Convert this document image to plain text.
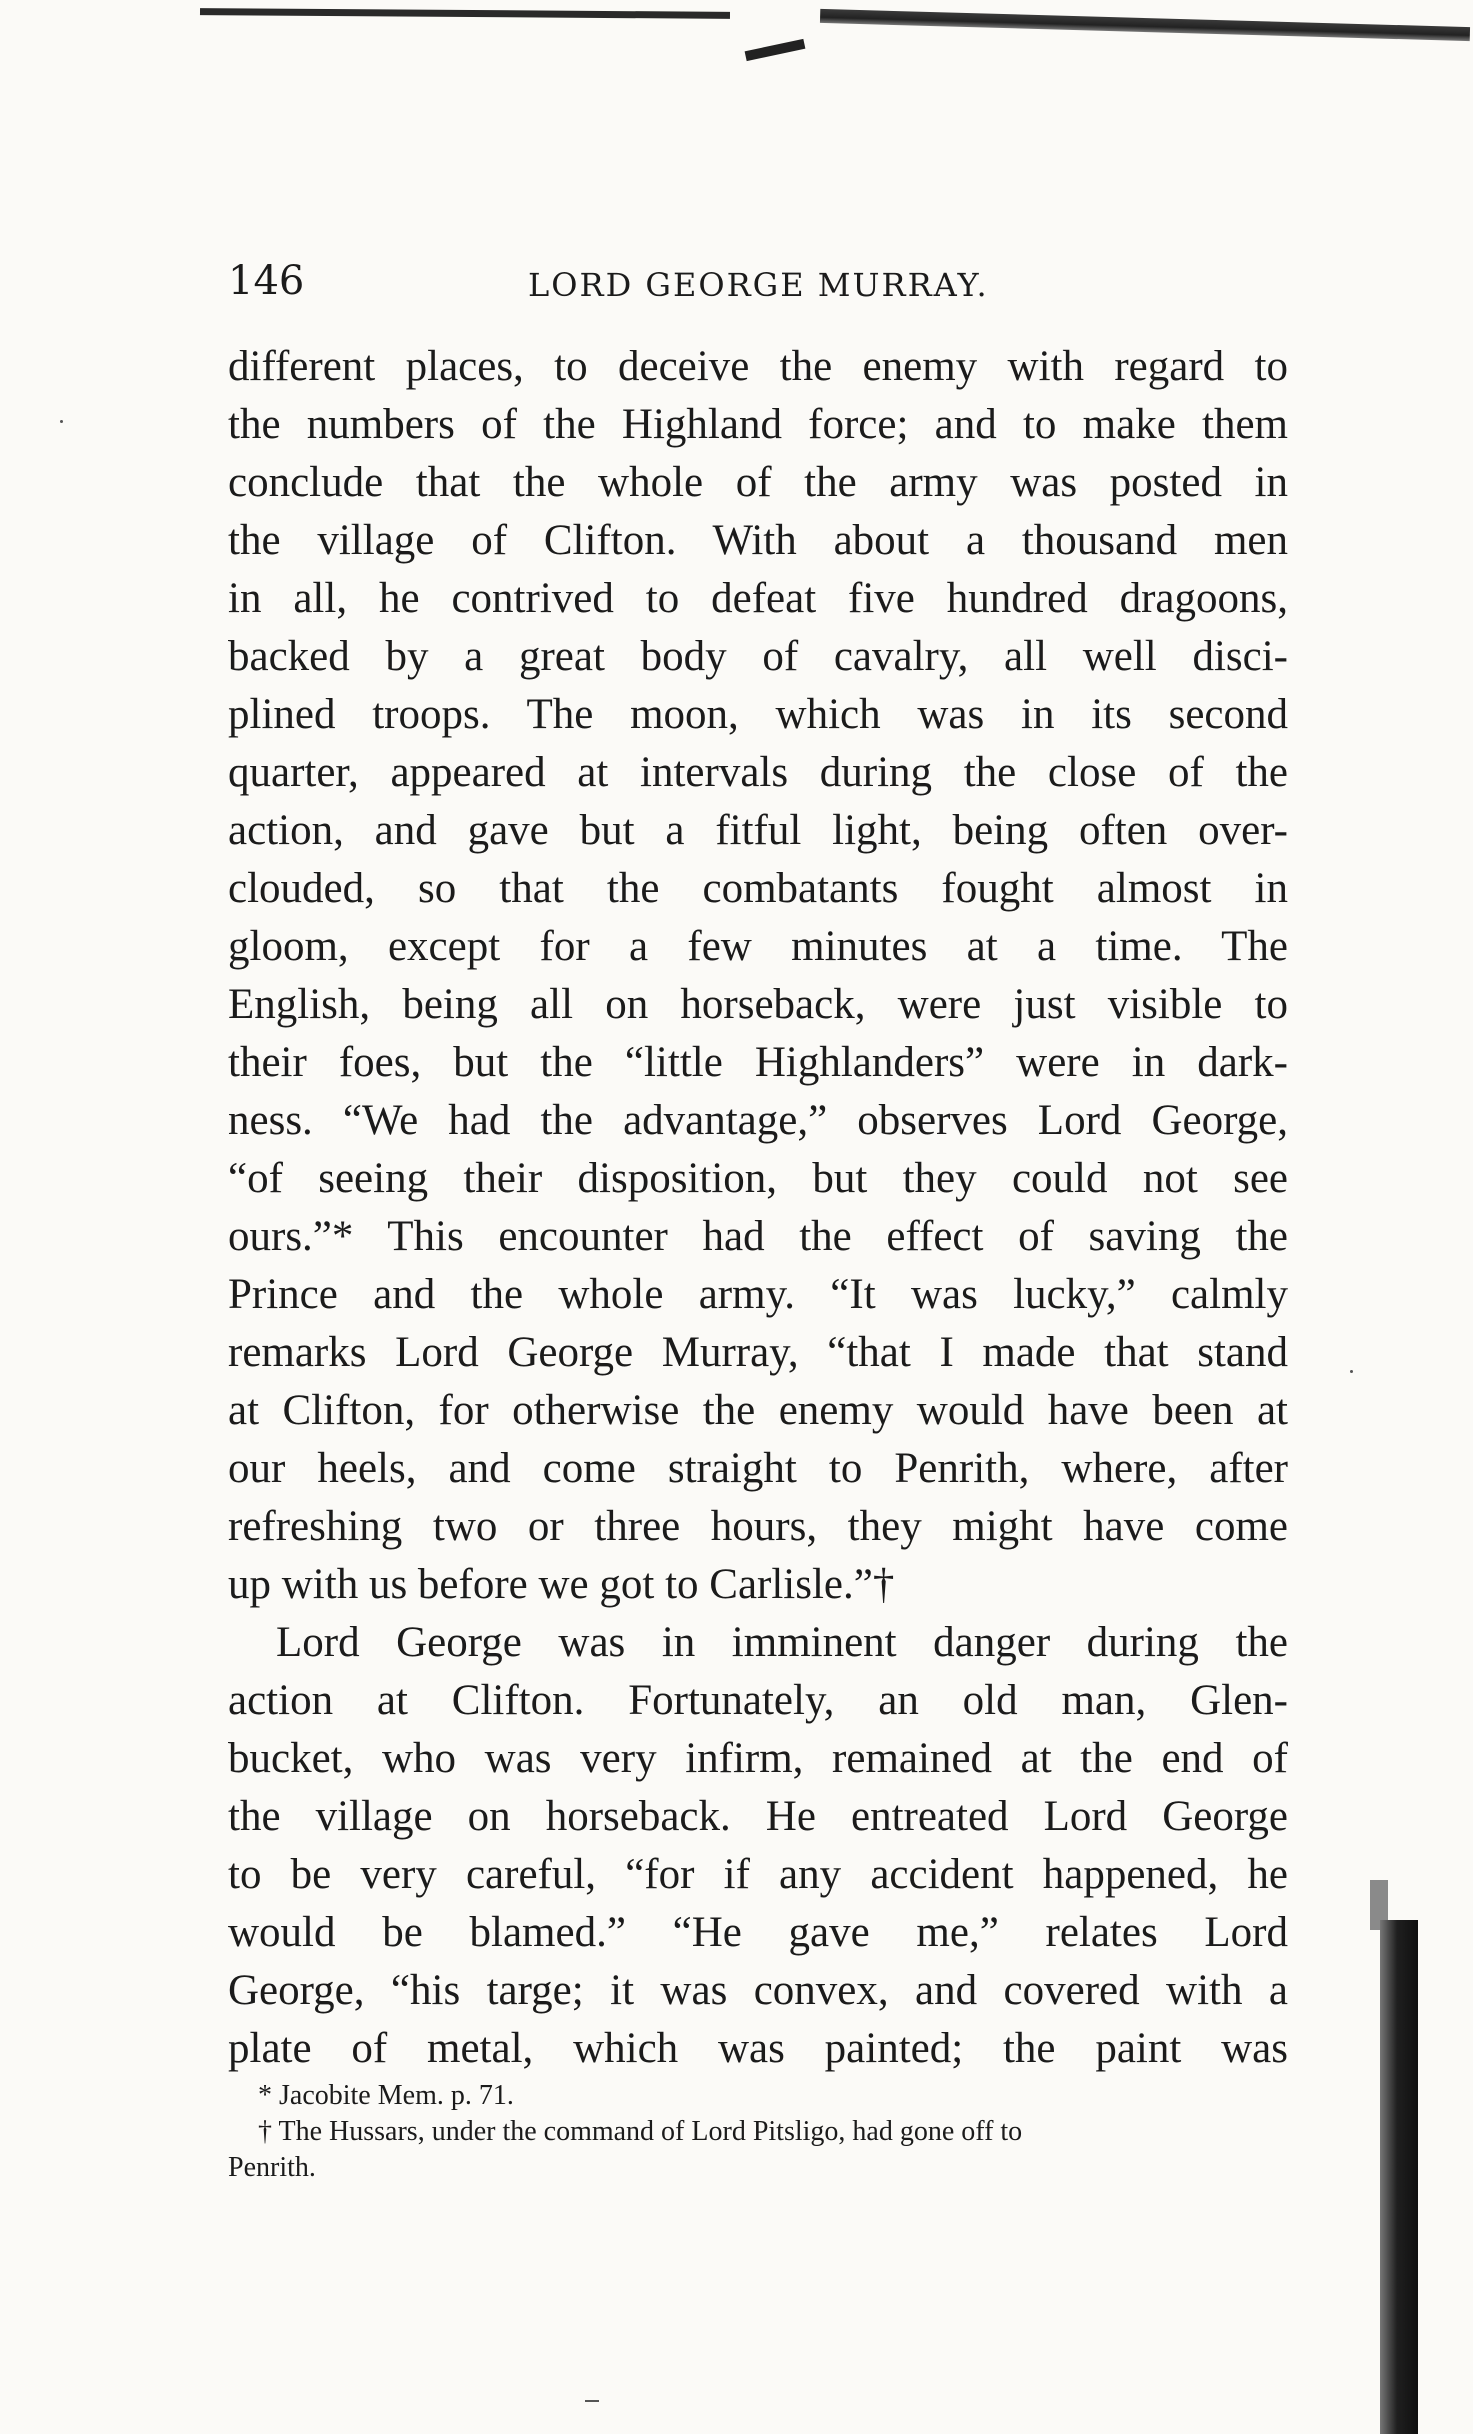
146	LORD GEORGE MURRAY.
different places, to deceive the enemy with regard to
the numbers of the Highland force; and to make them
conclude that the whole of the army was posted in
the village of Clifton. With about a thousand men
in all, he contrived to defeat five hundred dragoons,
backed by a great body of cavalry, all well disci-
plined troops. The moon, which was in its second
quarter, appeared at intervals during the close of the
action, and gave but a fitful light, being often over-
clouded, so that the combatants fought almost in
gloom, except for a few minutes at a time. The
English, being all on horseback, were just visible to
their foes, but the “little Highlanders” were in dark-
ness. “We had the advantage,” observes Lord George,
“of seeing their disposition, but they could not see
ours.”* This encounter had the effect of saving the
Prince and the whole army. “It was lucky,” calmly
remarks Lord George Murray, “that I made that stand
at Clifton, for otherwise the enemy would have been at
our heels, and come straight to Penrith, where, after
refreshing two or three hours, they might have come
up with us before we got to Carlisle.”†
Lord George was in imminent danger during the
action at Clifton. Fortunately, an old man, Glen-
bucket, who was very infirm, remained at the end of
the village on horseback. He entreated Lord George
to be very careful, “for if any accident happened, he
would be blamed.” “He gave me,” relates Lord
George, “his targe; it was convex, and covered with a
plate of metal, which was painted; the paint was
* Jacobite Mem. p. 71.
† The Hussars, under the command of Lord Pitsligo, had gone off to
Penrith.
